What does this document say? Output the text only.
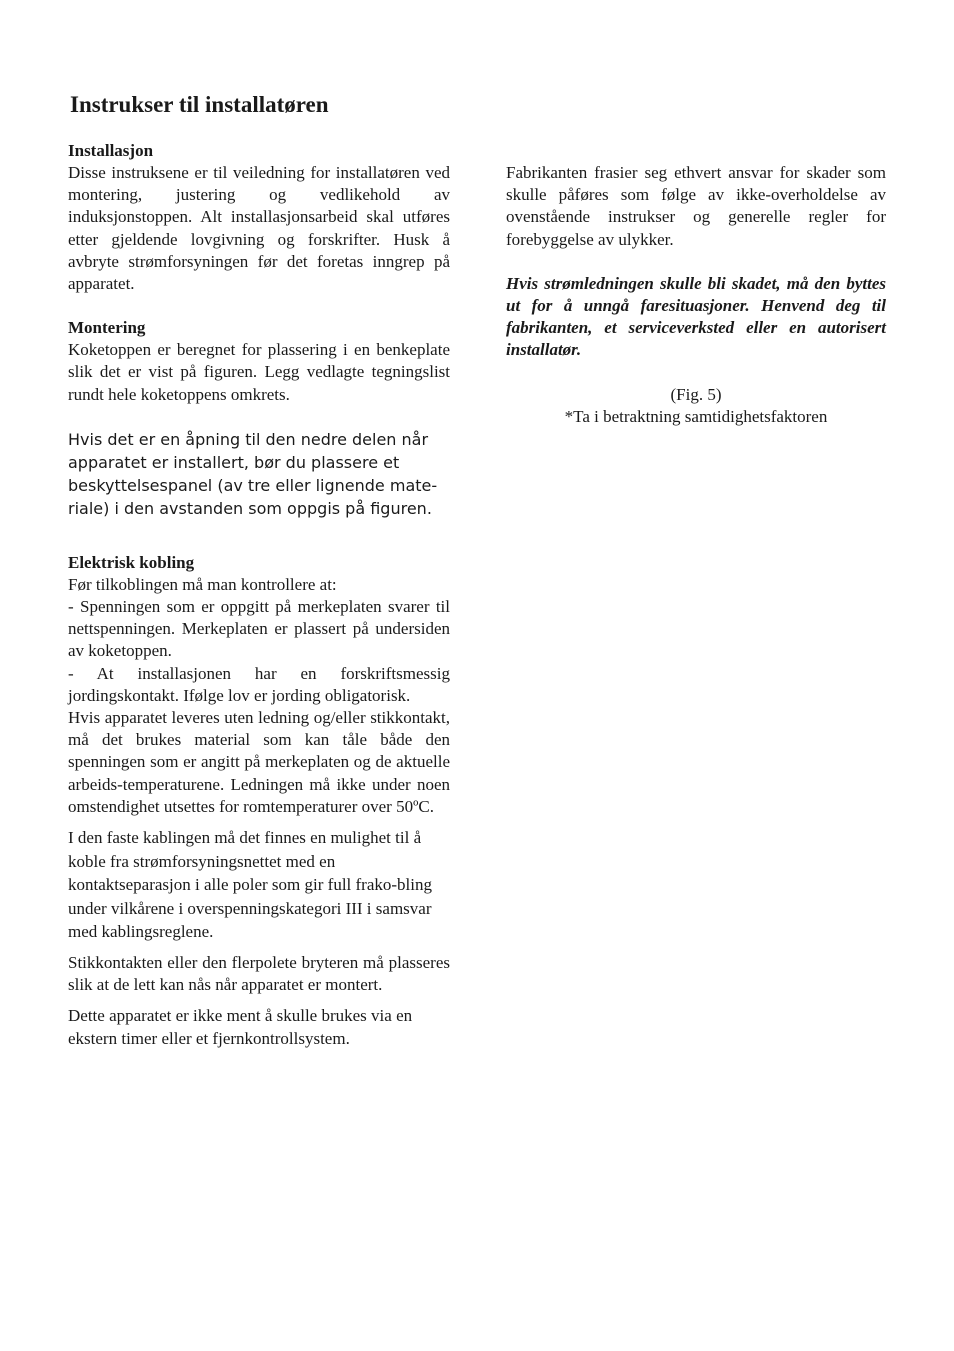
Instrukser til installatøren
Installasjon

Disse instruksene er til veiledning for installatøren ved montering, justering og vedlikehold av induksjonstoppen. Alt installasjonsarbeid skal utføres etter gjeldende lovgivning og forskrifter. Husk å avbryte strømforsyningen før det foretas inngrep på apparatet.

Montering

Koketoppen er beregnet for plassering i en benkeplate slik det er vist på figuren. Legg vedlagte tegningslist rundt hele koketoppens omkrets.

Hvis det er en åpning til den nedre delen når apparatet er installert, bør du plassere et beskyttelsespanel (av tre eller lignende mate-riale) i den avstanden som oppgis på figuren.

Elektrisk kobling

Før tilkoblingen må man kontrollere at:

- Spenningen som er oppgitt på merkeplaten svarer til nettspenningen. Merkeplaten er plassert på undersiden av koketoppen.
- At installasjonen har en forskriftsmessig jordingskontakt. Ifølge lov er jording obligatorisk.

Hvis apparatet leveres uten ledning og/eller stikkontakt, må det brukes material som kan tåle både den spenningen som er angitt på merkeplaten og de aktuelle arbeids-temperaturene. Ledningen må ikke under noen omstendighet utsettes for romtemperaturer over 50ºC.

I den faste kablingen må det finnes en mulighet til å koble fra strømforsyningsnettet med en kontaktseparasjon i alle poler som gir full frako-bling under vilkårene i overspenningskategori III i samsvar med kablingsreglene.

Stikkontakten eller den flerpolete bryteren må plasseres slik at de lett kan nås når apparatet er montert.

Dette apparatet er ikke ment å skulle brukes via en ekstern timer eller et fjernkontrollsystem.

Fabrikanten frasier seg ethvert ansvar for skader som skulle påføres som følge av ikke-overholdelse av ovenstående instrukser og generelle regler for forebyggelse av ulykker.

Hvis strømledningen skulle bli skadet, må den byttes ut for å unngå faresituasjoner. Henvend deg til fabrikanten, et serviceverksted eller en autorisert installatør.

(Fig. 5)

*Ta i betraktning samtidighetsfaktoren
